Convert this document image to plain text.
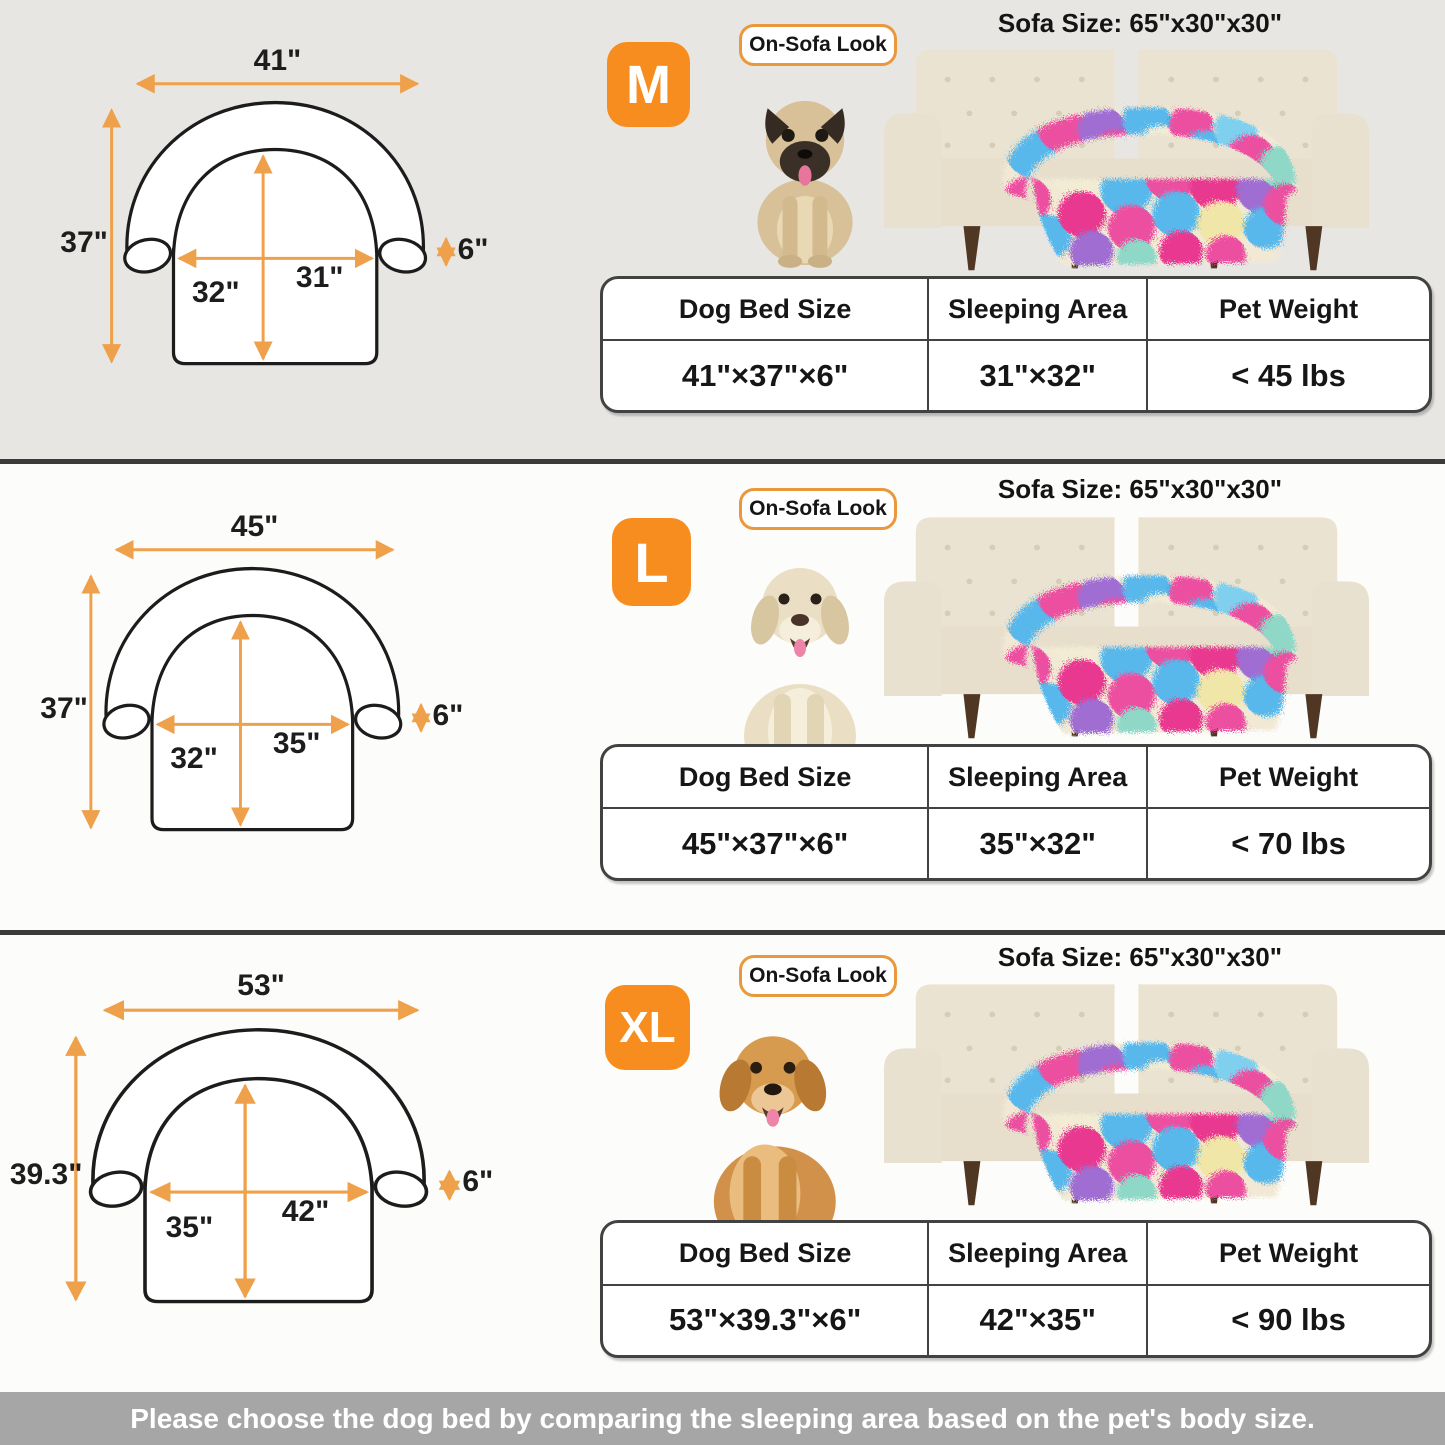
41"
37"
32" 31"
6"
M
On-Sofa Look
Sofa Size: 65"x30"x30"
Dog Bed Size	Sleeping Area	Pet Weight
41"×37"×6"	31"×32"	< 45 lbs
45"
37"
32" 35"
6"
L
On-Sofa Look
Sofa Size: 65"x30"x30"
Dog Bed Size	Sleeping Area	Pet Weight
45"×37"×6"	35"×32"	< 70 lbs
53"
39.3"
35" 42"
6"
XL
On-Sofa Look
Sofa Size: 65"x30"x30"
Dog Bed Size	Sleeping Area	Pet Weight
53"×39.3"×6"	42"×35"	< 90 lbs
Please choose the dog bed by comparing the sleeping area based on the pet's body size.
